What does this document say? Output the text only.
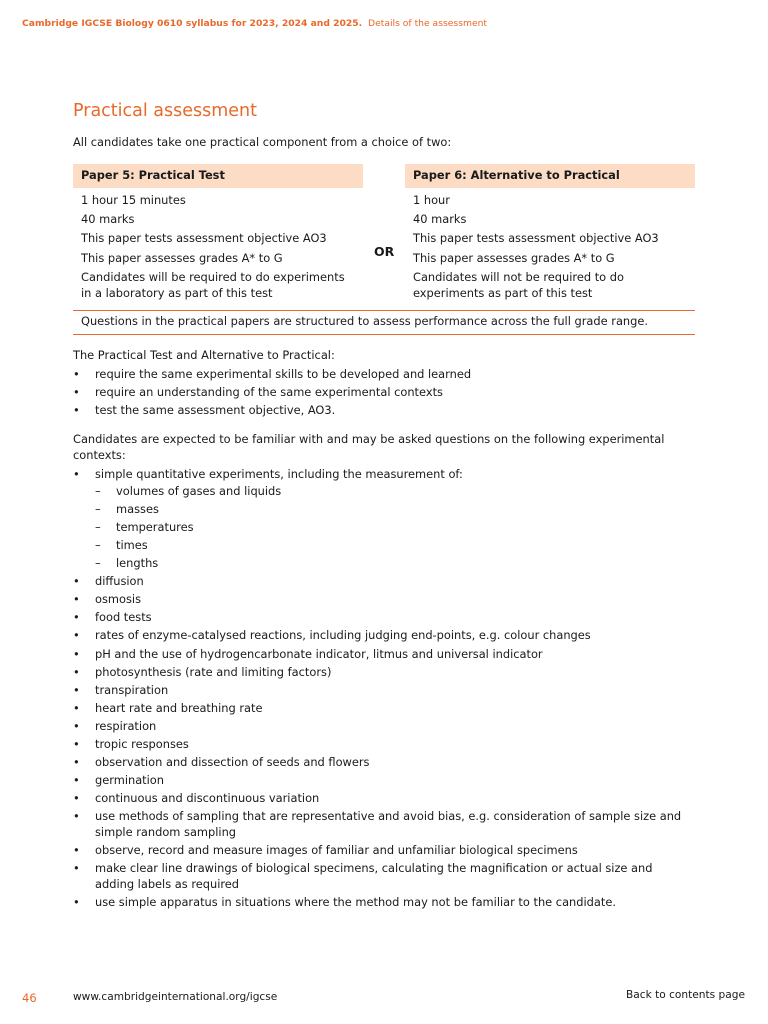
Cambridge IGCSE Biology 0610 syllabus for 2023, 2024 and 2025. Details of the assessment
Practical assessment

All candidates take one practical component from a choice of two:

Paper 5: Practical Test

1 hour 15 minutes

40 marks

This paper tests assessment objective AO3

This paper assesses grades A* to G

Candidates will be required to do experiments in a laboratory as part of this test

OR
Paper 6: Alternative to Practical

1 hour

40 marks

This paper tests assessment objective AO3

This paper assesses grades A* to G

Candidates will not be required to do experiments as part of this test

Questions in the practical papers are structured to assess performance across the full grade range.

The Practical Test and Alternative to Practical:

• require the same experimental skills to be developed and learned
• require an understanding of the same experimental contexts
• test the same assessment objective, AO3.

Candidates are expected to be familiar with and may be asked questions on the following experimental contexts:

• simple quantitative experiments, including the measurement of:
– volumes of gases and liquids
– masses
– temperatures
– times
– lengths
• diffusion
• osmosis
• food tests
• rates of enzyme-catalysed reactions, including judging end-points, e.g. colour changes
• pH and the use of hydrogencarbonate indicator, litmus and universal indicator
• photosynthesis (rate and limiting factors)
• transpiration
• heart rate and breathing rate
• respiration
• tropic responses
• observation and dissection of seeds and flowers
• germination
• continuous and discontinuous variation
• use methods of sampling that are representative and avoid bias, e.g. consideration of sample size and simple random sampling
• observe, record and measure images of familiar and unfamiliar biological specimens
• make clear line drawings of biological specimens, calculating the magnification or actual size and adding labels as required
• use simple apparatus in situations where the method may not be familiar to the candidate.
46	www.cambridgeinternational.org/igcse	Back to contents page
